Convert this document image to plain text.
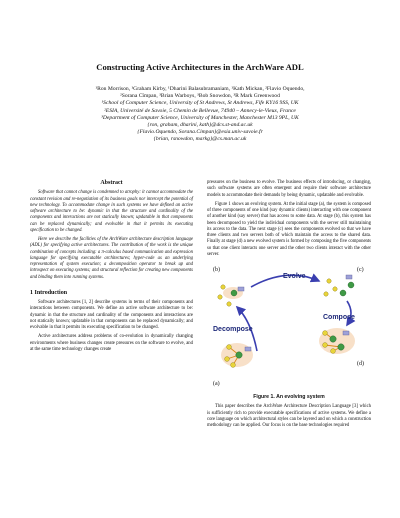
Constructing Active Architectures in the ArchWare ADL
¹Ron Morrison, ¹Graham Kirby, ¹Dharini Balasubramaniam, ¹Kath Mickan, ²Flavio Oquendo,
²Sorana Cîmpan, ³Brian Warboys, ³Bob Snowdon, ³R Mark Greenwood
¹School of Computer Science, University of St Andrews, St Andrews, Fife KY16 9SS, UK
²ESIA, Université de Savoie, 5 Chemin de Bellevue, 74940 – Annecy-le-Vieux, France
³Department of Computer Science, University of Manchester, Manchester M13 9PL, UK
{ron, graham, dharini, kath}@dcs.st-and.ac.uk
{Flavio.Oquendo, Sorana.Cimpan}@esia.univ-savoie.fr
{brian, rsnowdon, markg}@cs.man.ac.uk
Abstract

Software that cannot change is condemned to atrophy: it cannot accommodate the constant revision and re-negotiation of its business goals nor intercept the potential of new technology. To accommodate change in such systems we have defined an active software architecture to be: dynamic in that the structure and cardinality of the components and interactions are not statically known; updatable in that components can be replaced dynamically; and evolvable in that it permits its executing specification to be changed.

Here we describe the facilities of the ArchWare architecture description language (ADL) for specifying active architectures. The contribution of the work is the unique combination of concepts including: a π-calculus based communication and expression language for specifying executable architectures; hyper-code as an underlying representation of system execution; a decomposition operator to break up and introspect on executing systems; and structural reflection for creating new components and binding them into running systems.

1 Introduction

Software architectures [1, 2] describe systems in terms of their components and interactions between components. We define an active software architecture to be: dynamic in that the structure and cardinality of the components and interactions are not statically known; updatable in that components can be replaced dynamically; and evolvable in that it permits its executing specification to be changed.

Active architectures address problems of co-evolution in dynamically changing environments where business changes create pressures on the software to evolve, and at the same time technology changes create

pressures on the business to evolve. The business effects of introducing, or changing, such software systems are often emergent and require their software architecture models to accommodate their demands by being dynamic, updatable and evolvable.

Figure 1 shows an evolving system. At the initial stage (a), the system is composed of three components of one kind (say dynamic clients) interacting with one component of another kind (say server) that has access to some data. At stage (b), this system has been decomposed to yield the individual components with the server still maintaining its access to the data. The next stage (c) sees the components evolved so that we have three clients and two servers both of which maintain the access to the shared data. Finally at stage (d) a new evolved system is formed by composing the five components so that one client interacts one server and the other two clients interact with the other server.

Evolve
Compose
Decompose
(b)	(c)
(a)
(d)
Figure 1. An evolving system

This paper describes the ArchWare Architecture Description Language [3] which is sufficiently rich to provide executable specifications of active systems. We define a core language on which architectural styles can be layered and on which a construction methodology can be applied. Our focus is on the base technologies required
